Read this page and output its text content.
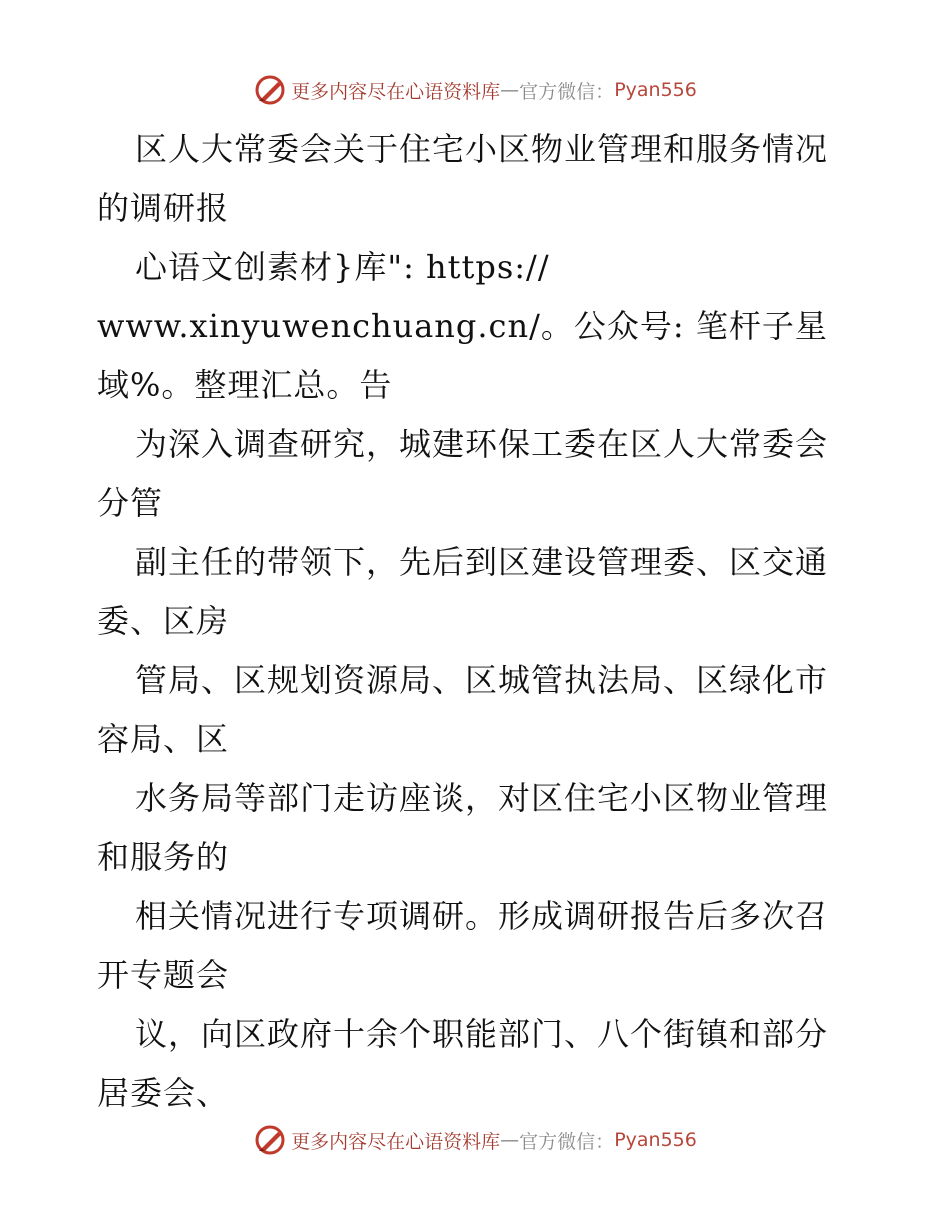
更多内容尽在心语资料库 — 官方微信： Pyan556
区人大常委会关于住宅小区物业管理和服务情况
的调研报
心语文创素材}库": https://
www.xinyuwenchuang.cn/。公众号: 笔杆子星
域%。整理汇总。告
为深入调查研究，城建环保工委在区人大常委会
分管
副主任的带领下，先后到区建设管理委、区交通
委、区房
管局、区规划资源局、区城管执法局、区绿化市
容局、区
水务局等部门走访座谈，对区住宅小区物业管理
和服务的
相关情况进行专项调研。形成调研报告后多次召
开专题会
议，向区政府十余个职能部门、八个街镇和部分
居委会、
更多内容尽在心语资料库 — 官方微信： Pyan556
